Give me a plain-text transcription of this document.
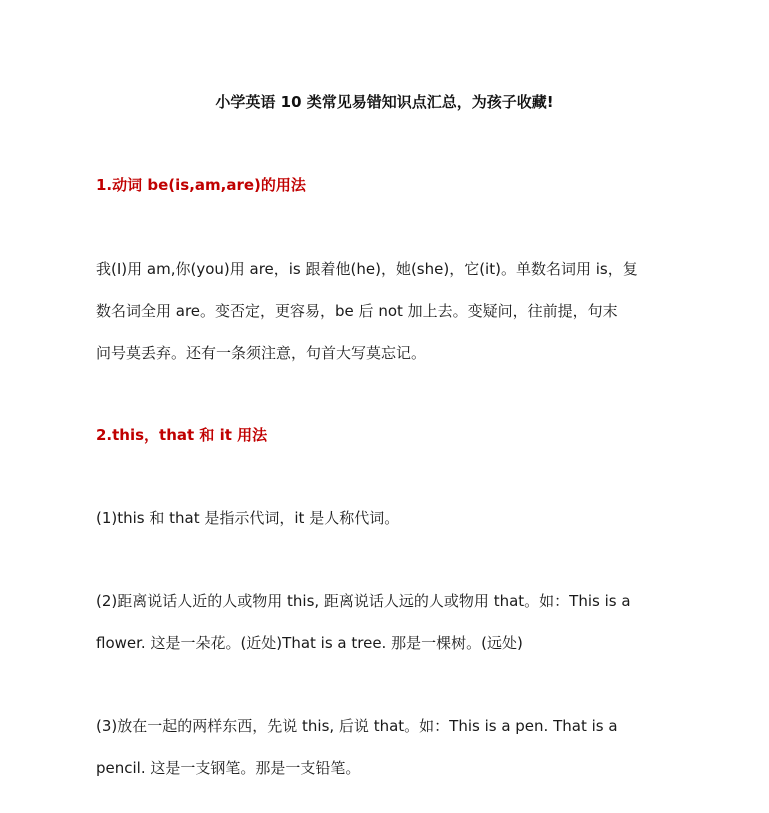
小学英语 10 类常见易错知识点汇总，为孩子收藏!
1.动词 be(is,am,are)的用法
我(I)用 am,你(you)用 are，is 跟着他(he)，她(she)，它(it)。单数名词用 is，复
数名词全用 are。变否定，更容易，be 后 not 加上去。变疑问，往前提，句末
问号莫丢弃。还有一条须注意，句首大写莫忘记。
2.this，that 和 it 用法
(1)this 和 that 是指示代词，it 是人称代词。
(2)距离说话人近的人或物用 this, 距离说话人远的人或物用 that。如：This is a
flower. 这是一朵花。(近处)That is a tree. 那是一棵树。(远处)
(3)放在一起的两样东西，先说 this, 后说 that。如：This is a pen. That is a
pencil. 这是一支钢笔。那是一支铅笔。
